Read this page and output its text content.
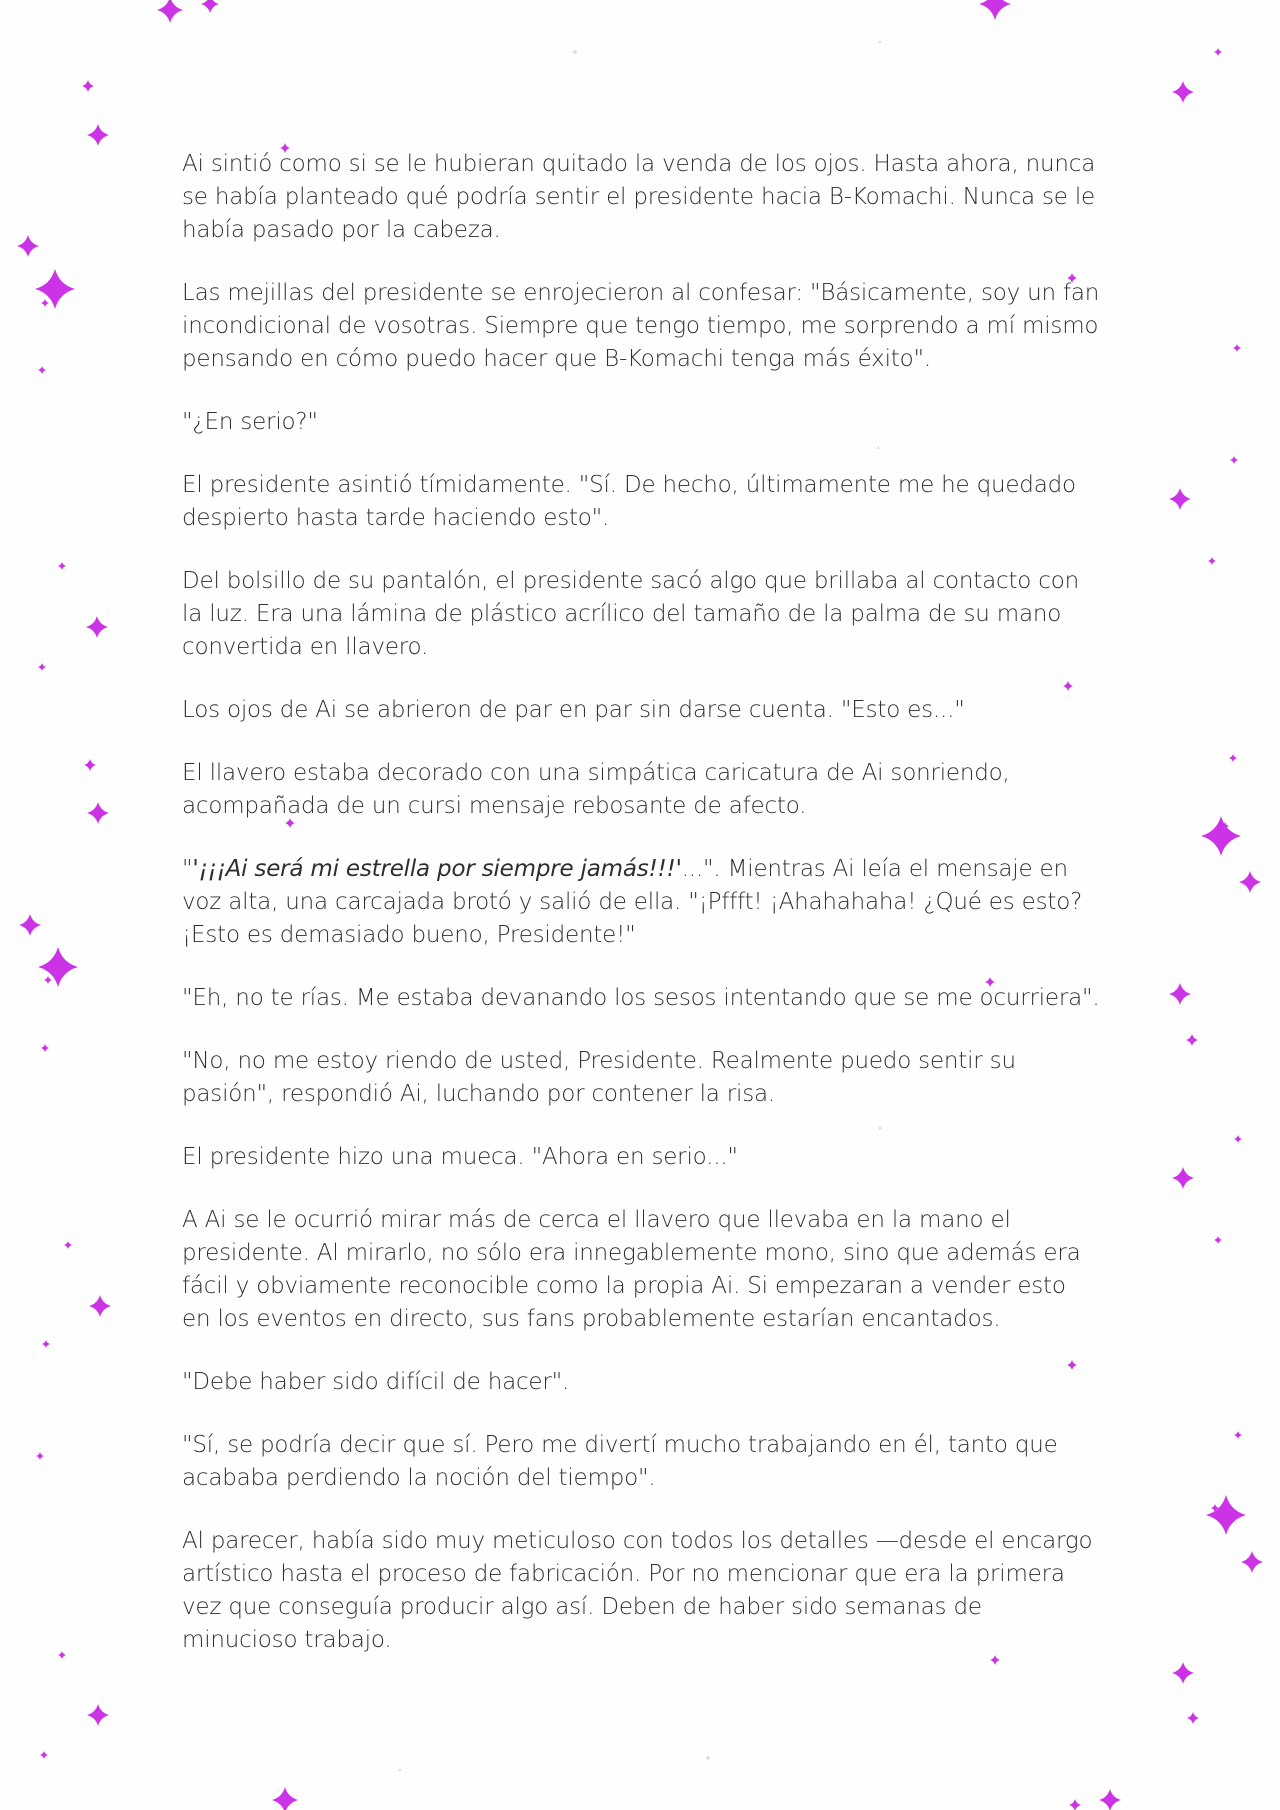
Ai sintió como si se le hubieran quitado la venda de los ojos. Hasta ahora, nunca se había planteado qué podría sentir el presidente hacia B-Komachi. Nunca se le había pasado por la cabeza.

Las mejillas del presidente se enrojecieron al confesar: "Básicamente, soy un fan incondicional de vosotras. Siempre que tengo tiempo, me sorprendo a mí mismo pensando en cómo puedo hacer que B-Komachi tenga más éxito".

"¿En serio?"

El presidente asintió tímidamente. "Sí. De hecho, últimamente me he quedado despierto hasta tarde haciendo esto".

Del bolsillo de su pantalón, el presidente sacó algo que brillaba al contacto con la luz. Era una lámina de plástico acrílico del tamaño de la palma de su mano convertida en llavero.

Los ojos de Ai se abrieron de par en par sin darse cuenta. "Esto es..."

El llavero estaba decorado con una simpática caricatura de Ai sonriendo, acompañada de un cursi mensaje rebosante de afecto.

"'¡¡¡Ai será mi estrella por siempre jamás!!!'...". Mientras Ai leía el mensaje en voz alta, una carcajada brotó y salió de ella. "¡Pffft! ¡Ahahahaha! ¿Qué es esto? ¡Esto es demasiado bueno, Presidente!"

"Eh, no te rías. Me estaba devanando los sesos intentando que se me ocurriera".

"No, no me estoy riendo de usted, Presidente. Realmente puedo sentir su pasión", respondió Ai, luchando por contener la risa.

El presidente hizo una mueca. "Ahora en serio..."

A Ai se le ocurrió mirar más de cerca el llavero que llevaba en la mano el presidente. Al mirarlo, no sólo era innegablemente mono, sino que además era fácil y obviamente reconocible como la propia Ai. Si empezaran a vender esto en los eventos en directo, sus fans probablemente estarían encantados.

"Debe haber sido difícil de hacer".

"Sí, se podría decir que sí. Pero me divertí mucho trabajando en él, tanto que acababa perdiendo la noción del tiempo".

Al parecer, había sido muy meticuloso con todos los detalles —desde el encargo artístico hasta el proceso de fabricación. Por no mencionar que era la primera vez que conseguía producir algo así. Deben de haber sido semanas de minucioso trabajo.
